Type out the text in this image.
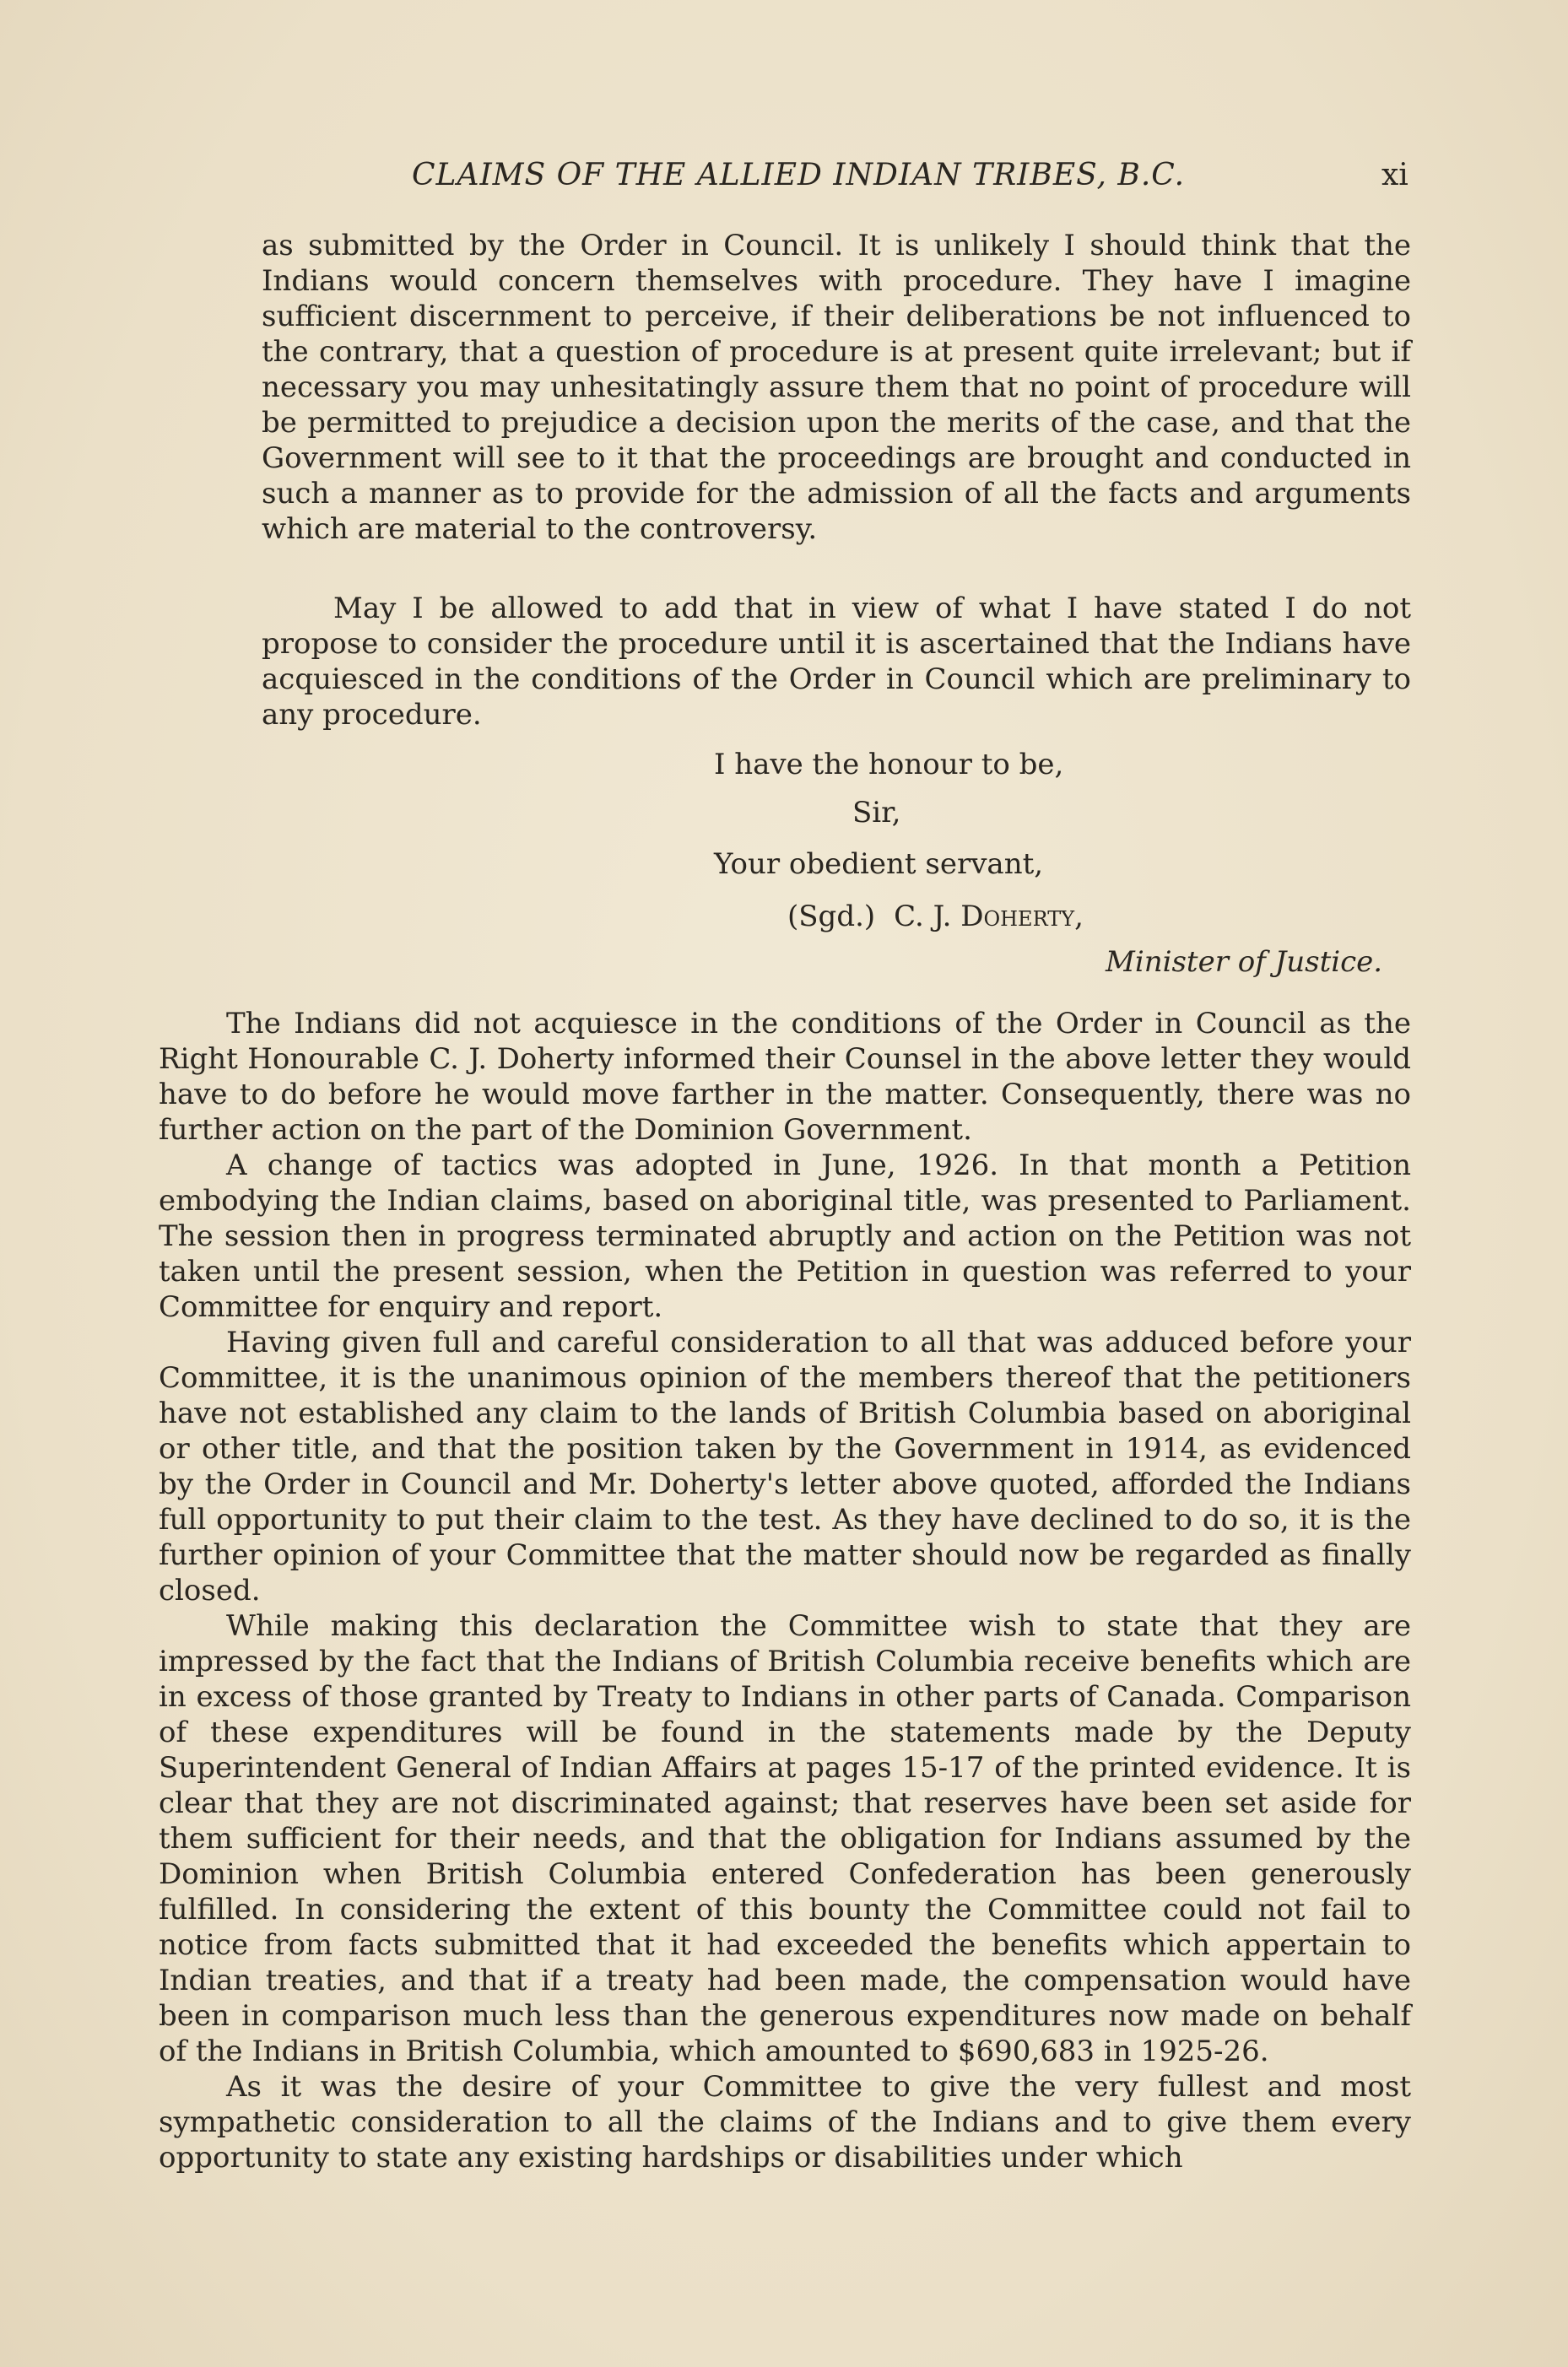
CLAIMS OF THE ALLIED INDIAN TRIBES, B.C.	xi
as submitted by the Order in Council. It is unlikely I should think that the Indians would concern themselves with procedure. They have I imagine sufficient discernment to perceive, if their deliberations be not influenced to the contrary, that a question of procedure is at present quite irrelevant; but if necessary you may unhesitatingly assure them that no point of procedure will be permitted to prejudice a decision upon the merits of the case, and that the Government will see to it that the proceedings are brought and conducted in such a manner as to provide for the admission of all the facts and arguments which are material to the controversy.
May I be allowed to add that in view of what I have stated I do not propose to consider the procedure until it is ascertained that the Indians have acquiesced in the conditions of the Order in Council which are preliminary to any procedure.
I have the honour to be,
Sir,
Your obedient servant,
(Sgd.) C. J. Doherty,
Minister of Justice.

The Indians did not acquiesce in the conditions of the Order in Council as the Right Honourable C. J. Doherty informed their Counsel in the above letter they would have to do before he would move farther in the matter. Consequently, there was no further action on the part of the Dominion Government.

A change of tactics was adopted in June, 1926. In that month a Petition embodying the Indian claims, based on aboriginal title, was presented to Parliament. The session then in progress terminated abruptly and action on the Petition was not taken until the present session, when the Petition in question was referred to your Committee for enquiry and report.

Having given full and careful consideration to all that was adduced before your Committee, it is the unanimous opinion of the members thereof that the petitioners have not established any claim to the lands of British Columbia based on aboriginal or other title, and that the position taken by the Government in 1914, as evidenced by the Order in Council and Mr. Doherty's letter above quoted, afforded the Indians full opportunity to put their claim to the test. As they have declined to do so, it is the further opinion of your Committee that the matter should now be regarded as finally closed.

While making this declaration the Committee wish to state that they are impressed by the fact that the Indians of British Columbia receive benefits which are in excess of those granted by Treaty to Indians in other parts of Canada. Comparison of these expenditures will be found in the statements made by the Deputy Superintendent General of Indian Affairs at pages 15-17 of the printed evidence. It is clear that they are not discriminated against; that reserves have been set aside for them sufficient for their needs, and that the obligation for Indians assumed by the Dominion when British Columbia entered Confederation has been generously fulfilled. In considering the extent of this bounty the Committee could not fail to notice from facts submitted that it had exceeded the benefits which appertain to Indian treaties, and that if a treaty had been made, the compensation would have been in comparison much less than the generous expenditures now made on behalf of the Indians in British Columbia, which amounted to $690,683 in 1925-26.

As it was the desire of your Committee to give the very fullest and most sympathetic consideration to all the claims of the Indians and to give them every opportunity to state any existing hardships or disabilities under which
